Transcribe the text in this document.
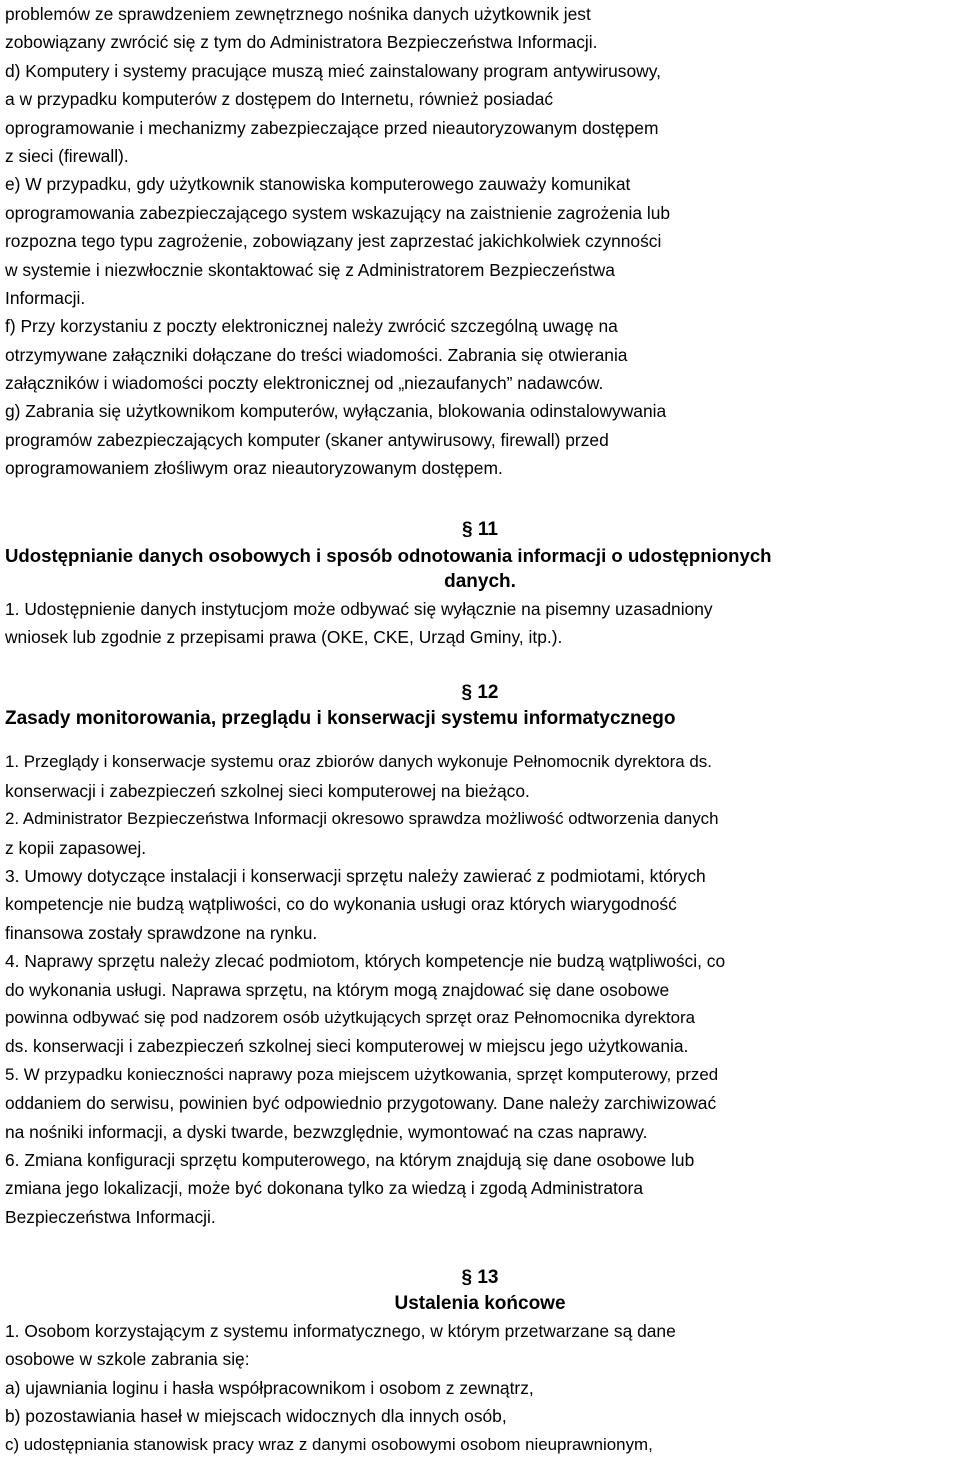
problemów ze sprawdzeniem zewnętrznego nośnika danych użytkownik jest
zobowiązany zwrócić się z tym do Administratora Bezpieczeństwa Informacji.
d) Komputery i systemy pracujące muszą mieć zainstalowany program antywirusowy,
a w przypadku komputerów z dostępem do Internetu, również posiadać
oprogramowanie i mechanizmy zabezpieczające przed nieautoryzowanym dostępem
z sieci (firewall).
e) W przypadku, gdy użytkownik stanowiska komputerowego zauważy komunikat
oprogramowania zabezpieczającego system wskazujący na zaistnienie zagrożenia lub
rozpozna tego typu zagrożenie, zobowiązany jest zaprzestać jakichkolwiek czynności
w systemie i niezwłocznie skontaktować się z Administratorem Bezpieczeństwa
Informacji.
f) Przy korzystaniu z poczty elektronicznej należy zwrócić szczególną uwagę na
otrzymywane załączniki dołączane do treści wiadomości. Zabrania się otwierania
załączników i wiadomości poczty elektronicznej od „niezaufanych” nadawców.
g) Zabrania się użytkownikom komputerów, wyłączania, blokowania odinstalowywania
programów zabezpieczających komputer (skaner antywirusowy, firewall) przed
oprogramowaniem złośliwym oraz nieautoryzowanym dostępem.
§ 11
Udostępnianie danych osobowych i sposób odnotowania informacji o udostępnionych
danych.
1. Udostępnienie danych instytucjom może odbywać się wyłącznie na pisemny uzasadniony
wniosek lub zgodnie z przepisami prawa (OKE, CKE, Urząd Gminy, itp.).
§ 12
Zasady monitorowania, przeglądu i konserwacji systemu informatycznego
1. Przeglądy i konserwacje systemu oraz zbiorów danych wykonuje Pełnomocnik dyrektora ds.
konserwacji i zabezpieczeń szkolnej sieci komputerowej na bieżąco.
2. Administrator Bezpieczeństwa Informacji okresowo sprawdza możliwość odtworzenia danych
z kopii zapasowej.
3. Umowy dotyczące instalacji i konserwacji sprzętu należy zawierać z podmiotami, których
kompetencje nie budzą wątpliwości, co do wykonania usługi oraz których wiarygodność
finansowa zostały sprawdzone na rynku.
4. Naprawy sprzętu należy zlecać podmiotom, których kompetencje nie budzą wątpliwości, co
do wykonania usługi. Naprawa sprzętu, na którym mogą znajdować się dane osobowe
powinna odbywać się pod nadzorem osób użytkujących sprzęt oraz Pełnomocnika dyrektora
ds. konserwacji i zabezpieczeń szkolnej sieci komputerowej w miejscu jego użytkowania.
5. W przypadku konieczności naprawy poza miejscem użytkowania, sprzęt komputerowy, przed
oddaniem do serwisu, powinien być odpowiednio przygotowany. Dane należy zarchiwizować
na nośniki informacji, a dyski twarde, bezwzględnie, wymontować na czas naprawy.
6. Zmiana konfiguracji sprzętu komputerowego, na którym znajdują się dane osobowe lub
zmiana jego lokalizacji, może być dokonana tylko za wiedzą i zgodą Administratora
Bezpieczeństwa Informacji.
§ 13
Ustalenia końcowe
1. Osobom korzystającym z systemu informatycznego, w którym przetwarzane są dane
osobowe w szkole zabrania się:
a) ujawniania loginu i hasła współpracownikom i osobom z zewnątrz,
b) pozostawiania haseł w miejscach widocznych dla innych osób,
c) udostępniania stanowisk pracy wraz z danymi osobowymi osobom nieuprawnionym,
